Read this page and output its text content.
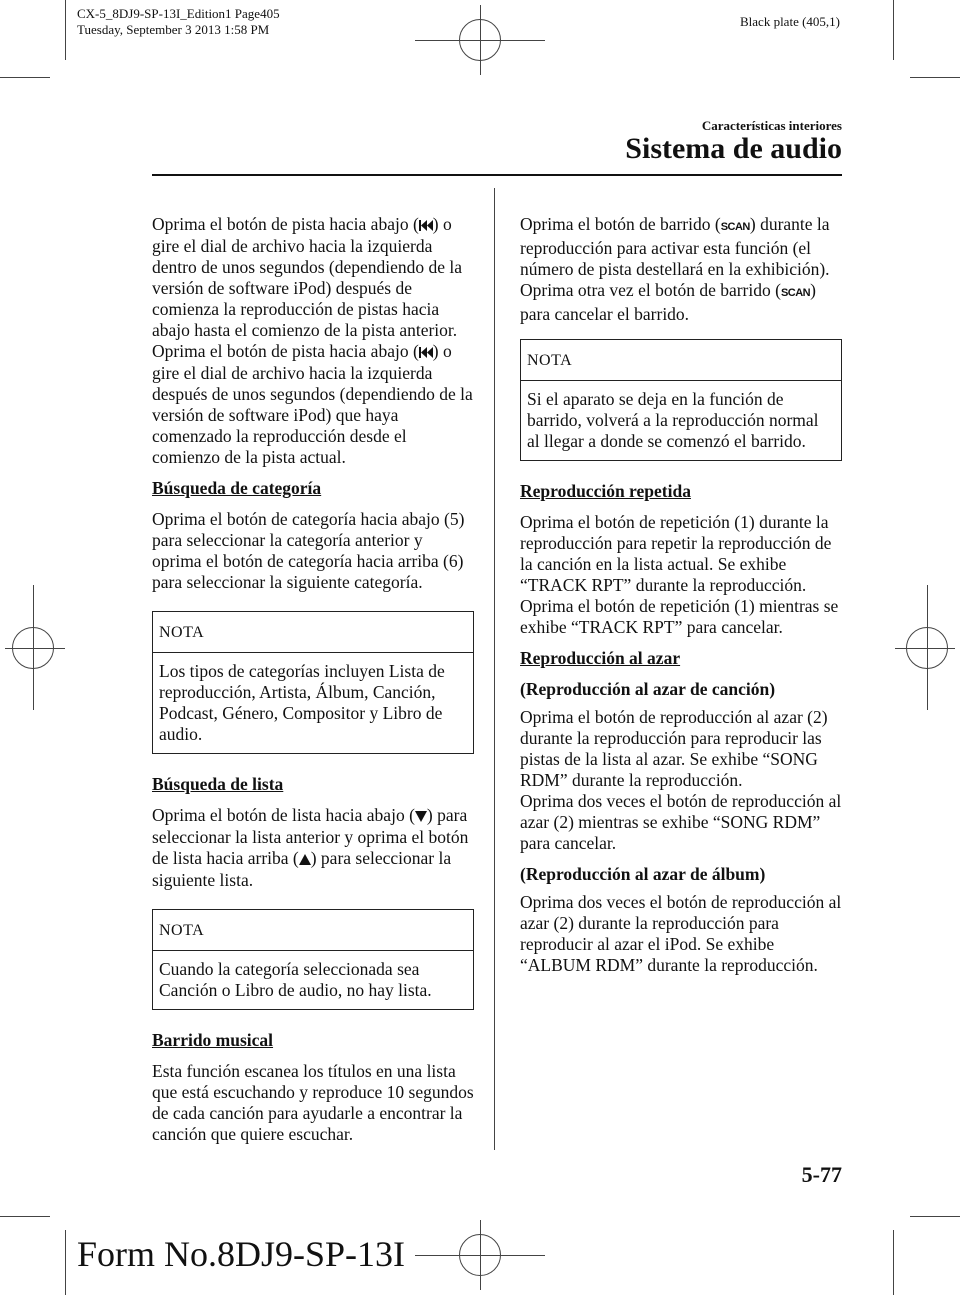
CX-5_8DJ9-SP-13I_Edition1 Page405
Tuesday, September 3 2013 1:58 PM
Black plate (405,1)
Características interiores
Sistema de audio

Oprima el botón de pista hacia abajo ( ) o gire el dial de archivo hacia la izquierda dentro de unos segundos (dependiendo de la versión de software iPod) después de comienza la reproducción de pistas hacia abajo hasta el comienzo de la pista anterior.

Oprima el botón de pista hacia abajo ( ) o gire el dial de archivo hacia la izquierda después de unos segundos (dependiendo de la versión de software iPod) que haya comenzado la reproducción desde el comienzo de la pista actual.

Búsqueda de categoría

Oprima el botón de categoría hacia abajo (5) para seleccionar la categoría anterior y oprima el botón de categoría hacia arriba (6) para seleccionar la siguiente categoría.

NOTA
Los tipos de categorías incluyen Lista de reproducción, Artista, Álbum, Canción, Podcast, Género, Compositor y Libro de audio.

Búsqueda de lista

Oprima el botón de lista hacia abajo ( ) para seleccionar la lista anterior y oprima el botón de lista hacia arriba ( ) para seleccionar la siguiente lista.

NOTA
Cuando la categoría seleccionada sea Canción o Libro de audio, no hay lista.

Barrido musical

Esta función escanea los títulos en una lista que está escuchando y reproduce 10 segundos de cada canción para ayudarle a encontrar la canción que quiere escuchar.

Oprima el botón de barrido (SCAN) durante la reproducción para activar esta función (el número de pista destellará en la exhibición). Oprima otra vez el botón de barrido (SCAN) para cancelar el barrido.

NOTA
Si el aparato se deja en la función de barrido, volverá a la reproducción normal al llegar a donde se comenzó el barrido.

Reproducción repetida

Oprima el botón de repetición (1) durante la reproducción para repetir la reproducción de la canción en la lista actual. Se exhibe “TRACK RPT” durante la reproducción.

Oprima el botón de repetición (1) mientras se exhibe “TRACK RPT” para cancelar.

Reproducción al azar

(Reproducción al azar de canción)

Oprima el botón de reproducción al azar (2) durante la reproducción para reproducir las pistas de la lista al azar. Se exhibe “SONG RDM” durante la reproducción.

Oprima dos veces el botón de reproducción al azar (2) mientras se exhibe “SONG RDM” para cancelar.

(Reproducción al azar de álbum)

Oprima dos veces el botón de reproducción al azar (2) durante la reproducción para reproducir al azar el iPod. Se exhibe “ALBUM RDM” durante la reproducción.

5-77
Form No.8DJ9-SP-13I
